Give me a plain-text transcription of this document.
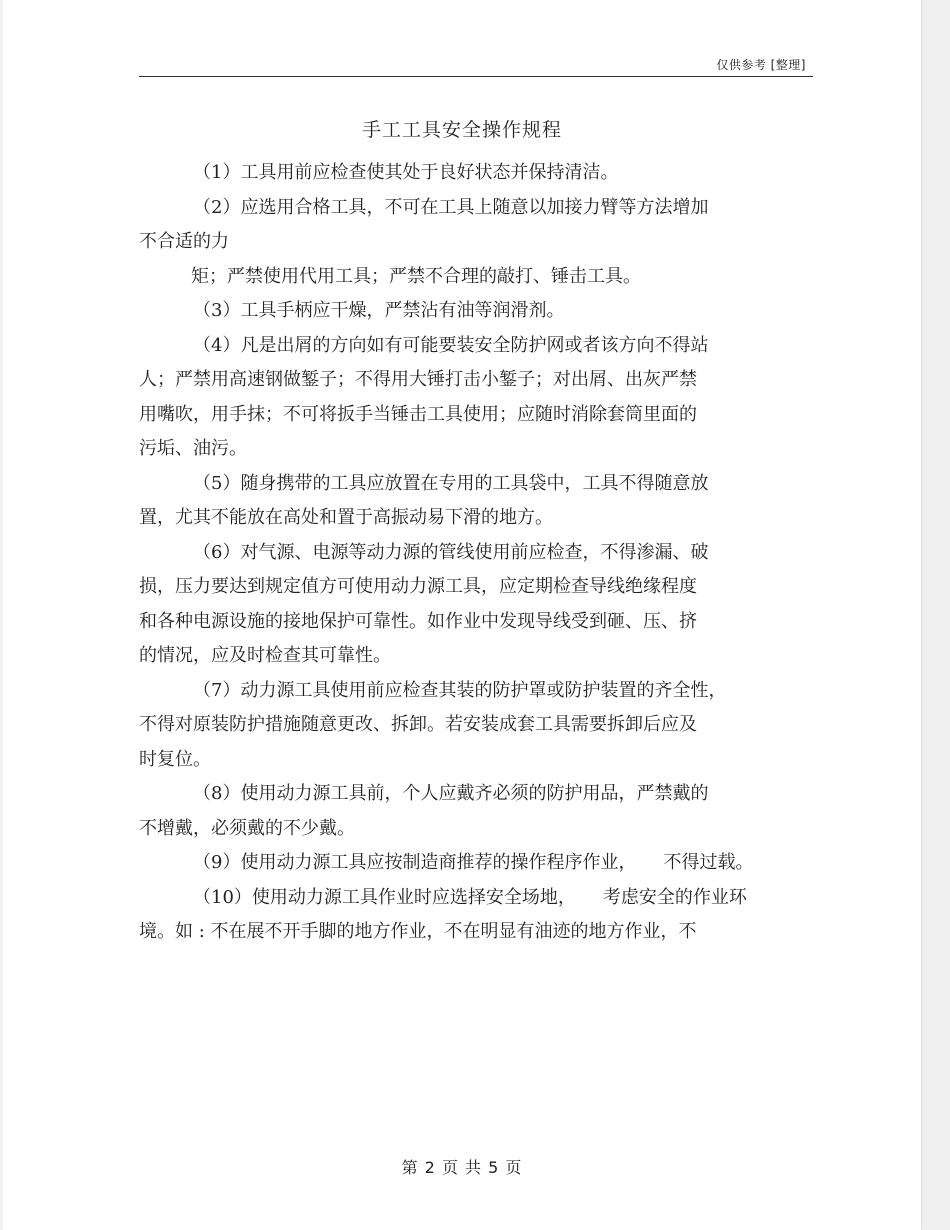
仅供参考 [整理]
手工工具安全操作规程
（1）工具用前应检查使其处于良好状态并保持清洁。
（2）应选用合格工具，不可在工具上随意以加接力臂等方法增加
不合适的力
矩；严禁使用代用工具；严禁不合理的敲打、锤击工具。
（3）工具手柄应干燥，严禁沾有油等润滑剂。
（4）凡是出屑的方向如有可能要装安全防护网或者该方向不得站
人；严禁用高速钢做錾子；不得用大锤打击小錾子；对出屑、出灰严禁
用嘴吹，用手抹；不可将扳手当锤击工具使用；应随时消除套筒里面的
污垢、油污。
（5）随身携带的工具应放置在专用的工具袋中，工具不得随意放
置，尤其不能放在高处和置于高振动易下滑的地方。
（6）对气源、电源等动力源的管线使用前应检查，不得渗漏、破
损，压力要达到规定值方可使用动力源工具，应定期检查导线绝缘程度
和各种电源设施的接地保护可靠性。如作业中发现导线受到砸、压、挤
的情况，应及时检查其可靠性。
（7）动力源工具使用前应检查其装的防护罩或防护装置的齐全性，
不得对原装防护措施随意更改、拆卸。若安装成套工具需要拆卸后应及
时复位。
（8）使用动力源工具前，个人应戴齐必须的防护用品，严禁戴的
不增戴，必须戴的不少戴。
（9）使用动力源工具应按制造商推荐的操作程序作业，　　不得过载。
（10）使用动力源工具作业时应选择安全场地，　　考虑安全的作业环
境。如 : 不在展不开手脚的地方作业，不在明显有油迹的地方作业，不
第 2 页 共 5 页
